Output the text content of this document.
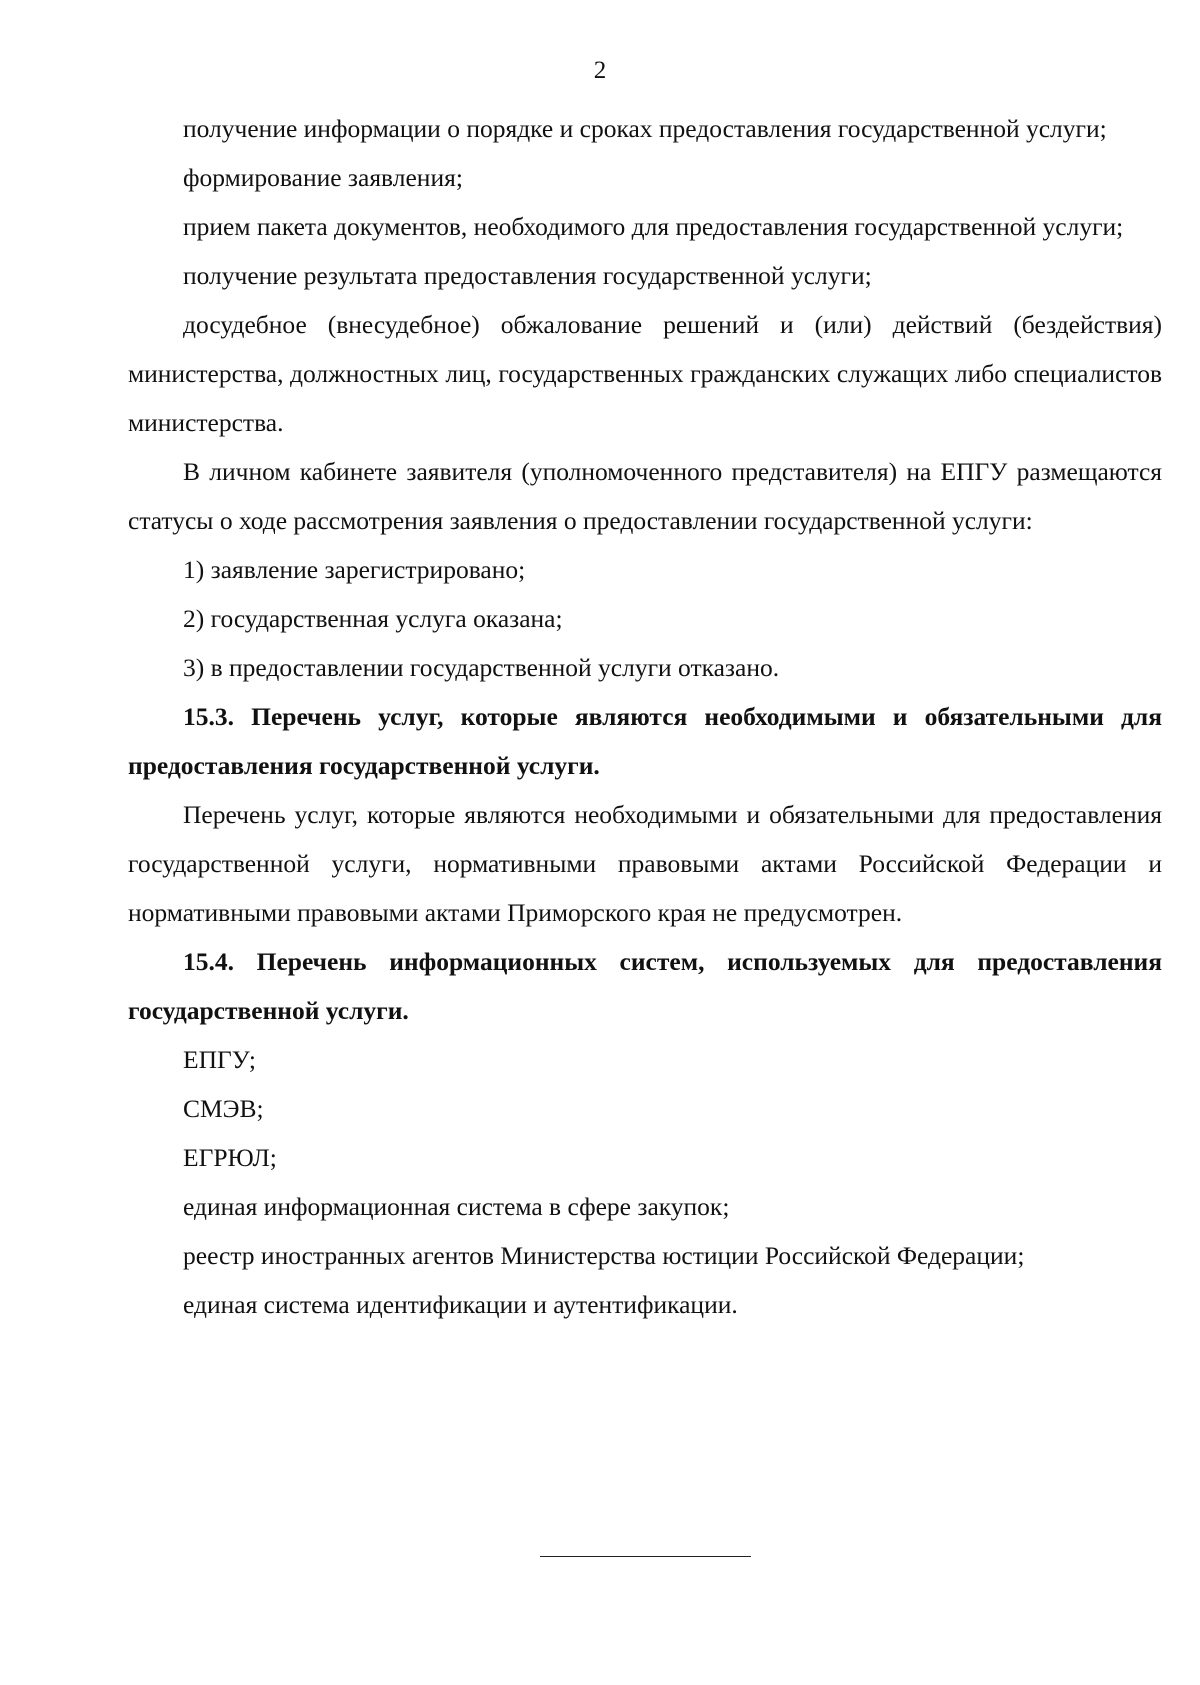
2

получение информации о порядке и сроках предоставления государственной услуги;

формирование заявления;

прием пакета документов, необходимого для предоставления государственной услуги;

получение результата предоставления государственной услуги;

досудебное (внесудебное) обжалование решений и (или) действий (бездействия) министерства, должностных лиц, государственных гражданских служащих либо специалистов министерства.

В личном кабинете заявителя (уполномоченного представителя) на ЕПГУ размещаются статусы о ходе рассмотрения заявления о предоставлении государственной услуги:

1) заявление зарегистрировано;

2) государственная услуга оказана;

3) в предоставлении государственной услуги отказано.

15.3. Перечень услуг, которые являются необходимыми и обязательными для предоставления государственной услуги.

Перечень услуг, которые являются необходимыми и обязательными для предоставления государственной услуги, нормативными правовыми актами Российской Федерации и нормативными правовыми актами Приморского края не предусмотрен.

15.4. Перечень информационных систем, используемых для предоставления государственной услуги.

ЕПГУ;

СМЭВ;

ЕГРЮЛ;

единая информационная система в сфере закупок;

реестр иностранных агентов Министерства юстиции Российской Федерации;

единая система идентификации и аутентификации.
